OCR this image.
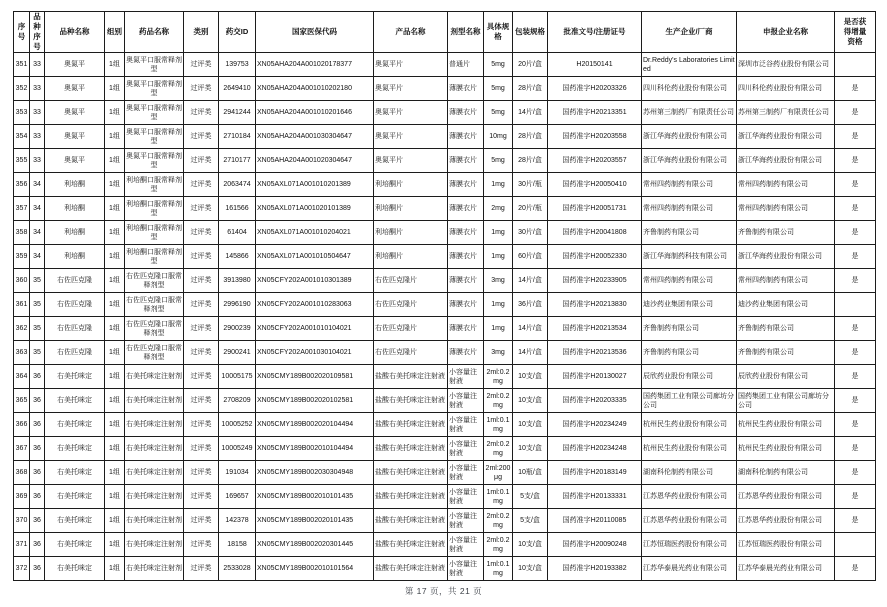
序号	品种序号	品种名称	组别	药品名称	类别	药交ID	国家医保代码	产品名称	剂型名称	具体规格	包装规格	批准文号/注册证号	生产企业/厂商	申报企业名称	是否获得增量资格
351	33	奥氮平	1组	奥氮平口服常释剂型	过评类	139753	XN05AHA204A001020178377	奥氮平片	普通片	5mg	20片/盒	H20150141	Dr.Reddy's Laboratories Limited	深圳市泛谷药业股份有限公司	
352	33	奥氮平	1组	奥氮平口服常释剂型	过评类	2649410	XN05AHA204A001010202180	奥氮平片	薄膜衣片	5mg	28片/盒	国药准字H20203326	四川科伦药业股份有限公司	四川科伦药业股份有限公司	是
353	33	奥氮平	1组	奥氮平口服常释剂型	过评类	2941244	XN05AHA204A001010201646	奥氮平片	薄膜衣片	5mg	14片/盒	国药准字H20213351	苏州第三制药厂有限责任公司	苏州第三制药厂有限责任公司	是
354	33	奥氮平	1组	奥氮平口服常释剂型	过评类	2710184	XN05AHA204A001030304647	奥氮平片	薄膜衣片	10mg	28片/盒	国药准字H20203558	浙江华海药业股份有限公司	浙江华海药业股份有限公司	是
355	33	奥氮平	1组	奥氮平口服常释剂型	过评类	2710177	XN05AHA204A001020304647	奥氮平片	薄膜衣片	5mg	28片/盒	国药准字H20203557	浙江华海药业股份有限公司	浙江华海药业股份有限公司	是
356	34	利培酮	1组	利培酮口服常释剂型	过评类	2063474	XN05AXL071A001010201389	利培酮片	薄膜衣片	1mg	30片/瓶	国药准字H20050410	常州四药制药有限公司	常州四药制药有限公司	是
357	34	利培酮	1组	利培酮口服常释剂型	过评类	161566	XN05AXL071A001020101389	利培酮片	薄膜衣片	2mg	20片/瓶	国药准字H20051731	常州四药制药有限公司	常州四药制药有限公司	是
358	34	利培酮	1组	利培酮口服常释剂型	过评类	61404	XN05AXL071A001010204021	利培酮片	薄膜衣片	1mg	30片/盒	国药准字H20041808	齐鲁制药有限公司	齐鲁制药有限公司	是
359	34	利培酮	1组	利培酮口服常释剂型	过评类	145866	XN05AXL071A001010504647	利培酮片	薄膜衣片	1mg	60片/盒	国药准字H20052330	浙江华海制药科技有限公司	浙江华海药业股份有限公司	是
360	35	右佐匹克隆	1组	右佐匹克隆口服常释剂型	过评类	3913980	XN05CFY202A001010301389	右佐匹克隆片	薄膜衣片	3mg	14片/盒	国药准字H20233905	常州四药制药有限公司	常州四药制药有限公司	是
361	35	右佐匹克隆	1组	右佐匹克隆口服常释剂型	过评类	2996190	XN05CFY202A001010283063	右佐匹克隆片	薄膜衣片	1mg	36片/盒	国药准字H20213830	迪沙药业集团有限公司	迪沙药业集团有限公司	
362	35	右佐匹克隆	1组	右佐匹克隆口服常释剂型	过评类	2900239	XN05CFY202A001010104021	右佐匹克隆片	薄膜衣片	1mg	14片/盒	国药准字H20213534	齐鲁制药有限公司	齐鲁制药有限公司	是
363	35	右佐匹克隆	1组	右佐匹克隆口服常释剂型	过评类	2900241	XN05CFY202A001030104021	右佐匹克隆片	薄膜衣片	3mg	14片/盒	国药准字H20213536	齐鲁制药有限公司	齐鲁制药有限公司	是
364	36	右美托咪定	1组	右美托咪定注射剂	过评类	10005175	XN05CMY189B002020109581	盐酸右美托咪定注射液	小容量注射液	2ml:0.2mg	10支/盒	国药准字H20130027	辰欣药业股份有限公司	辰欣药业股份有限公司	是
365	36	右美托咪定	1组	右美托咪定注射剂	过评类	2708209	XN05CMY189B002020102581	盐酸右美托咪定注射液	小容量注射液	2ml:0.2mg	10支/盒	国药准字H20203335	国药集团工业有限公司廊坊分公司	国药集团工业有限公司廊坊分公司	是
366	36	右美托咪定	1组	右美托咪定注射剂	过评类	10005252	XN05CMY189B002020104494	盐酸右美托咪定注射液	小容量注射液	1ml:0.1mg	10支/盒	国药准字H20234249	杭州民生药业股份有限公司	杭州民生药业股份有限公司	是
367	36	右美托咪定	1组	右美托咪定注射剂	过评类	10005249	XN05CMY189B002010104494	盐酸右美托咪定注射液	小容量注射液	2ml:0.2mg	10支/盒	国药准字H20234248	杭州民生药业股份有限公司	杭州民生药业股份有限公司	是
368	36	右美托咪定	1组	右美托咪定注射剂	过评类	191034	XN05CMY189B002030304948	盐酸右美托咪定注射液	小容量注射液	2ml:200μg	10瓶/盒	国药准字H20183149	湖南科伦制药有限公司	湖南科伦制药有限公司	是
369	36	右美托咪定	1组	右美托咪定注射剂	过评类	169657	XN05CMY189B002010101435	盐酸右美托咪定注射液	小容量注射液	1ml:0.1mg	5支/盒	国药准字H20133331	江苏恩华药业股份有限公司	江苏恩华药业股份有限公司	是
370	36	右美托咪定	1组	右美托咪定注射剂	过评类	142378	XN05CMY189B002020101435	盐酸右美托咪定注射液	小容量注射液	2ml:0.2mg	5支/盒	国药准字H20110085	江苏恩华药业股份有限公司	江苏恩华药业股份有限公司	是
371	36	右美托咪定	1组	右美托咪定注射剂	过评类	18158	XN05CMY189B002020301445	盐酸右美托咪定注射液	小容量注射液	2ml:0.2mg	10支/盒	国药准字H20090248	江苏恒瑞医药股份有限公司	江苏恒瑞医药股份有限公司	
372	36	右美托咪定	1组	右美托咪定注射剂	过评类	2533028	XN05CMY189B002010101564	盐酸右美托咪定注射液	小容量注射液	1ml:0.1mg	10支/盒	国药准字H20193382	江苏华泰晨光药业有限公司	江苏华泰晨光药业有限公司	是
第 17 页，共 21 页
